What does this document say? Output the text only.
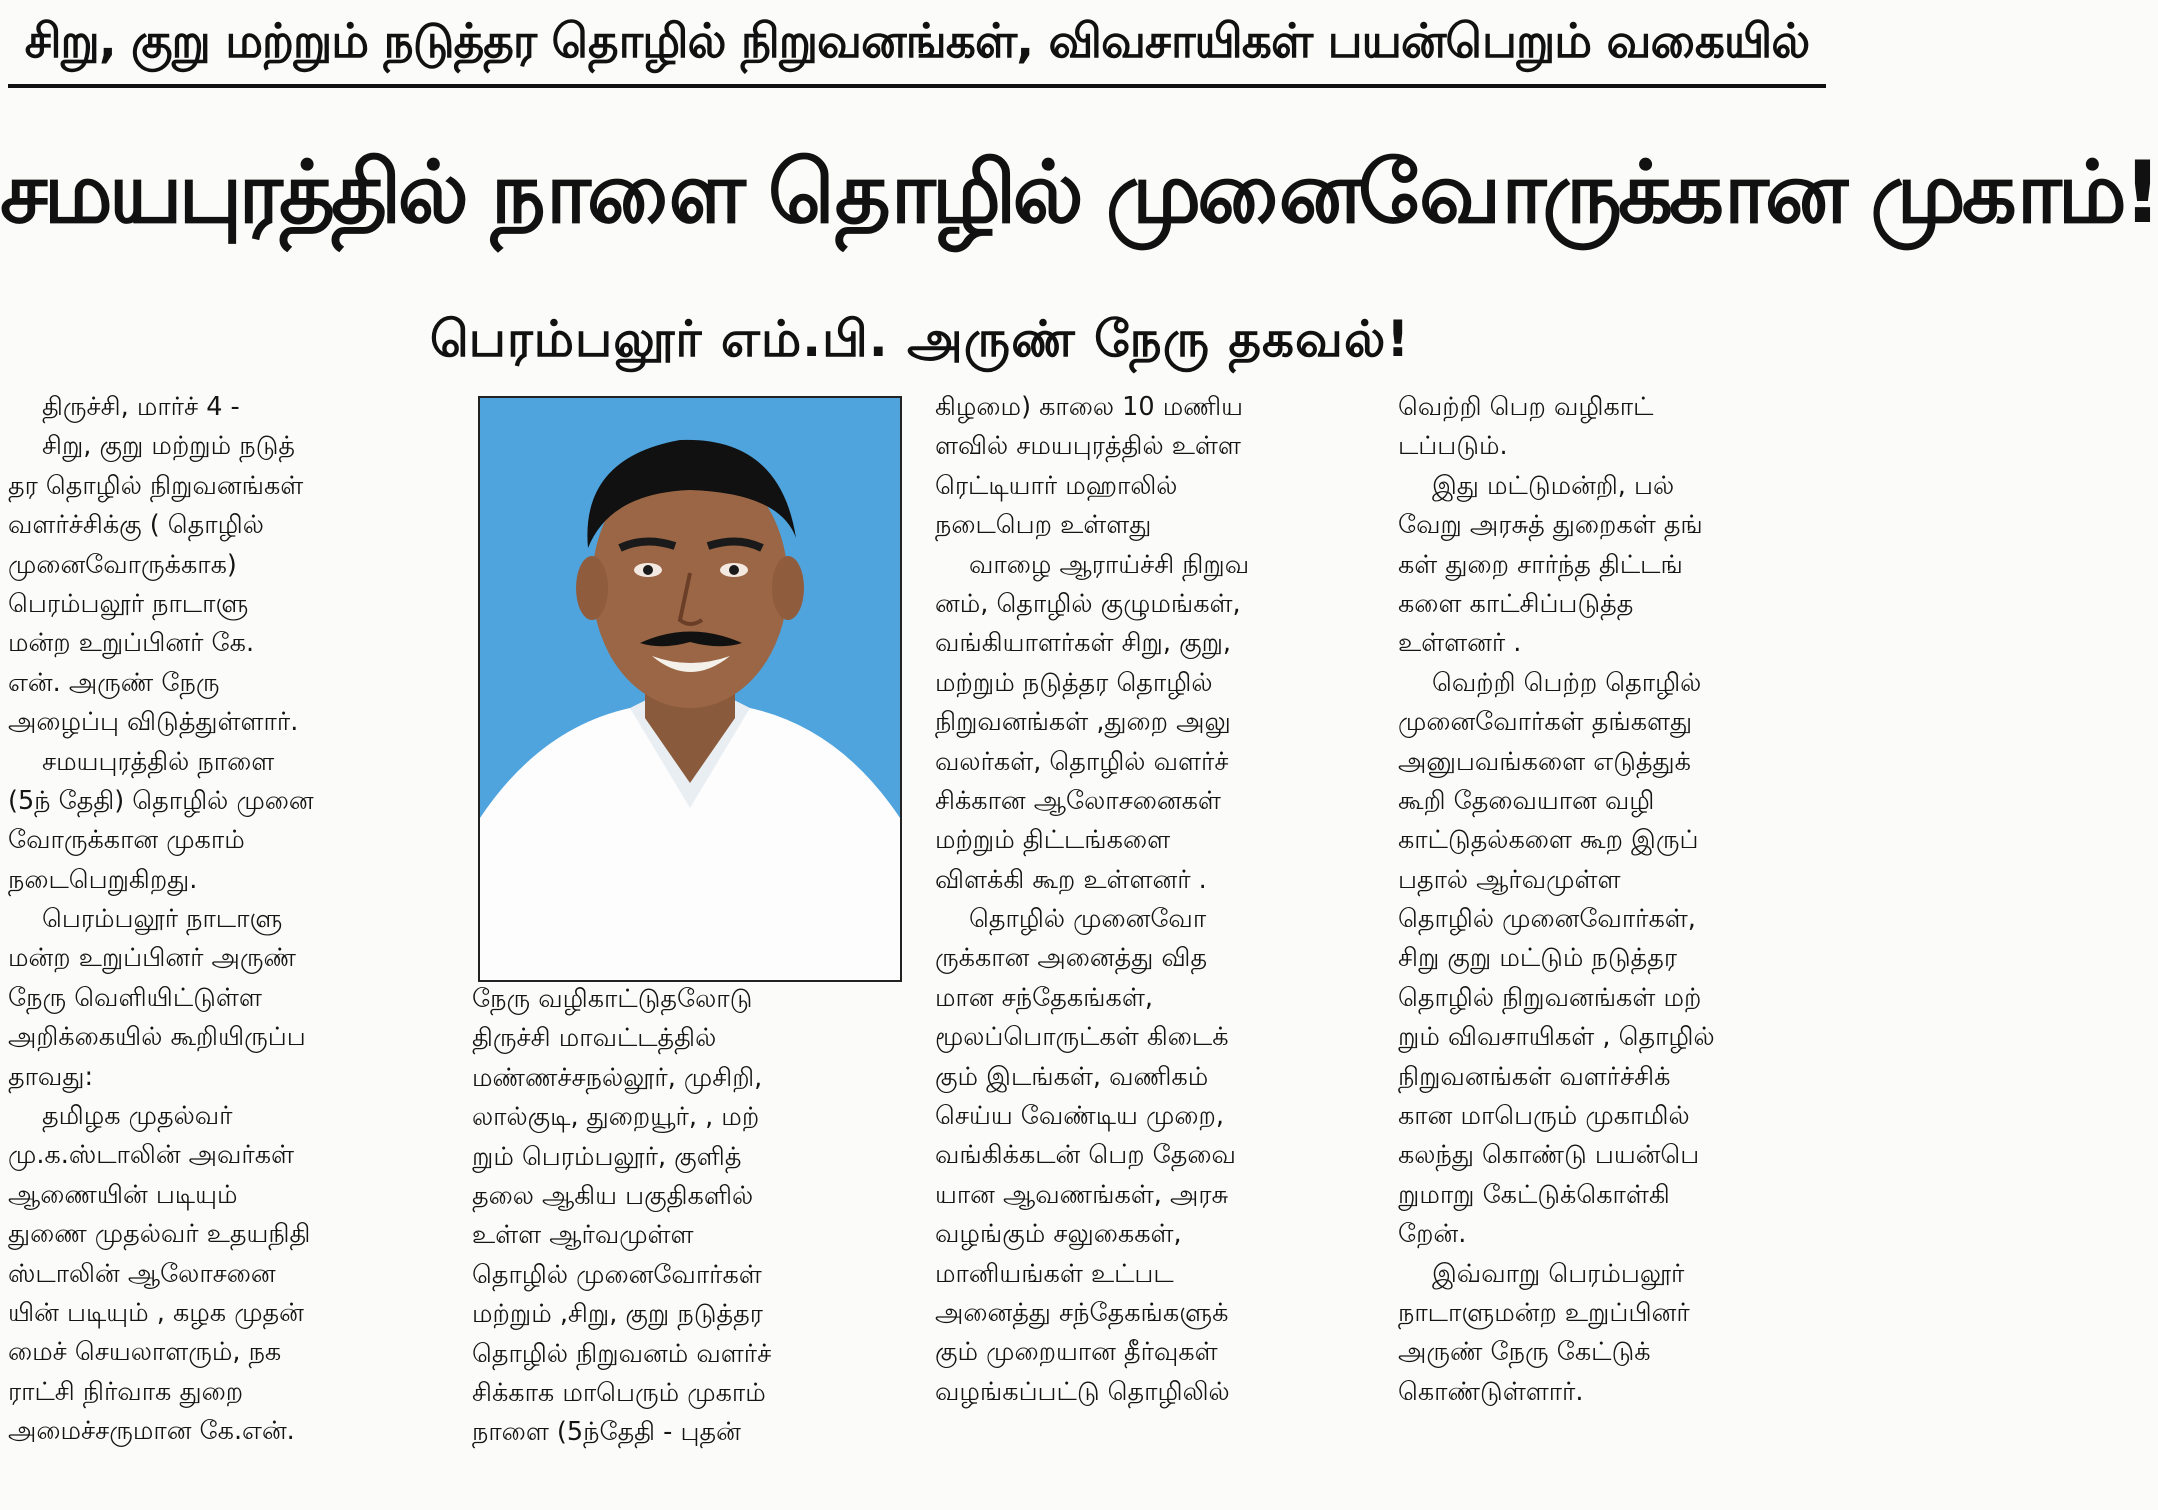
சிறு, குறு மற்றும் நடுத்தர தொழில் நிறுவனங்கள், விவசாயிகள் பயன்பெறும் வகையில்
சமயபுரத்தில் நாளை தொழில் முனைவோருக்கான முகாம்!
பெரம்பலூர் எம்.பி. அருண் நேரு தகவல்!
திருச்சி, மார்ச் 4 -
சிறு, குறு மற்றும் நடுத்
தர தொழில் நிறுவனங்கள்
வளர்ச்சிக்கு ( தொழில்
முனைவோருக்காக)
பெரம்பலூர் நாடாளு
மன்ற உறுப்பினர் கே.
என். அருண் நேரு
அழைப்பு விடுத்துள்ளார்.
சமயபுரத்தில் நாளை
(5ந் தேதி) தொழில் முனை
வோருக்கான முகாம்
நடைபெறுகிறது.
பெரம்பலூர் நாடாளு
மன்ற உறுப்பினர் அருண்
நேரு வெளியிட்டுள்ள
அறிக்கையில் கூறியிருப்ப
தாவது:
தமிழக முதல்வர்
மு.க.ஸ்டாலின் அவர்கள்
ஆணையின் படியும்
துணை முதல்வர் உதயநிதி
ஸ்டாலின் ஆலோசனை
யின் படியும் , கழக முதன்
மைச் செயலாளரும், நக
ராட்சி நிர்வாக துறை
அமைச்சருமான கே.என்.
நேரு வழிகாட்டுதலோடு
திருச்சி மாவட்டத்தில்
மண்ணச்சநல்லூர், முசிறி,
லால்குடி, துறையூர், , மற்
றும் பெரம்பலூர், குளித்
தலை ஆகிய பகுதிகளில்
உள்ள ஆர்வமுள்ள
தொழில் முனைவோர்கள்
மற்றும் ,சிறு, குறு நடுத்தர
தொழில் நிறுவனம் வளர்ச்
சிக்காக மாபெரும் முகாம்
நாளை (5ந்தேதி - புதன்
கிழமை) காலை 10 மணிய
ளவில் சமயபுரத்தில் உள்ள
ரெட்டியார் மஹாலில்
நடைபெற உள்ளது
வாழை ஆராய்ச்சி நிறுவ
னம், தொழில் குழுமங்கள்,
வங்கியாளர்கள் சிறு, குறு,
மற்றும் நடுத்தர தொழில்
நிறுவனங்கள் ,துறை அலு
வலர்கள், தொழில் வளர்ச்
சிக்கான ஆலோசனைகள்
மற்றும் திட்டங்களை
விளக்கி கூற உள்ளனர் .
தொழில் முனைவோ
ருக்கான அனைத்து வித
மான சந்தேகங்கள்,
மூலப்பொருட்கள் கிடைக்
கும் இடங்கள், வணிகம்
செய்ய வேண்டிய முறை,
வங்கிக்கடன் பெற தேவை
யான ஆவணங்கள், அரசு
வழங்கும் சலுகைகள்,
மானியங்கள் உட்பட
அனைத்து சந்தேகங்களுக்
கும் முறையான தீர்வுகள்
வழங்கப்பட்டு தொழிலில்
வெற்றி பெற வழிகாட்
டப்படும்.
இது மட்டுமன்றி, பல்
வேறு அரசுத் துறைகள் தங்
கள் துறை சார்ந்த திட்டங்
களை காட்சிப்படுத்த
உள்ளனர் .
வெற்றி பெற்ற தொழில்
முனைவோர்கள் தங்களது
அனுபவங்களை எடுத்துக்
கூறி தேவையான வழி
காட்டுதல்களை கூற இருப்
பதால் ஆர்வமுள்ள
தொழில் முனைவோர்கள்,
சிறு குறு மட்டும் நடுத்தர
தொழில் நிறுவனங்கள் மற்
றும் விவசாயிகள் , தொழில்
நிறுவனங்கள் வளர்ச்சிக்
கான மாபெரும் முகாமில்
கலந்து கொண்டு பயன்பெ
றுமாறு கேட்டுக்கொள்கி
றேன்.
இவ்வாறு பெரம்பலூர்
நாடாளுமன்ற உறுப்பினர்
அருண் நேரு கேட்டுக்
கொண்டுள்ளார்.
